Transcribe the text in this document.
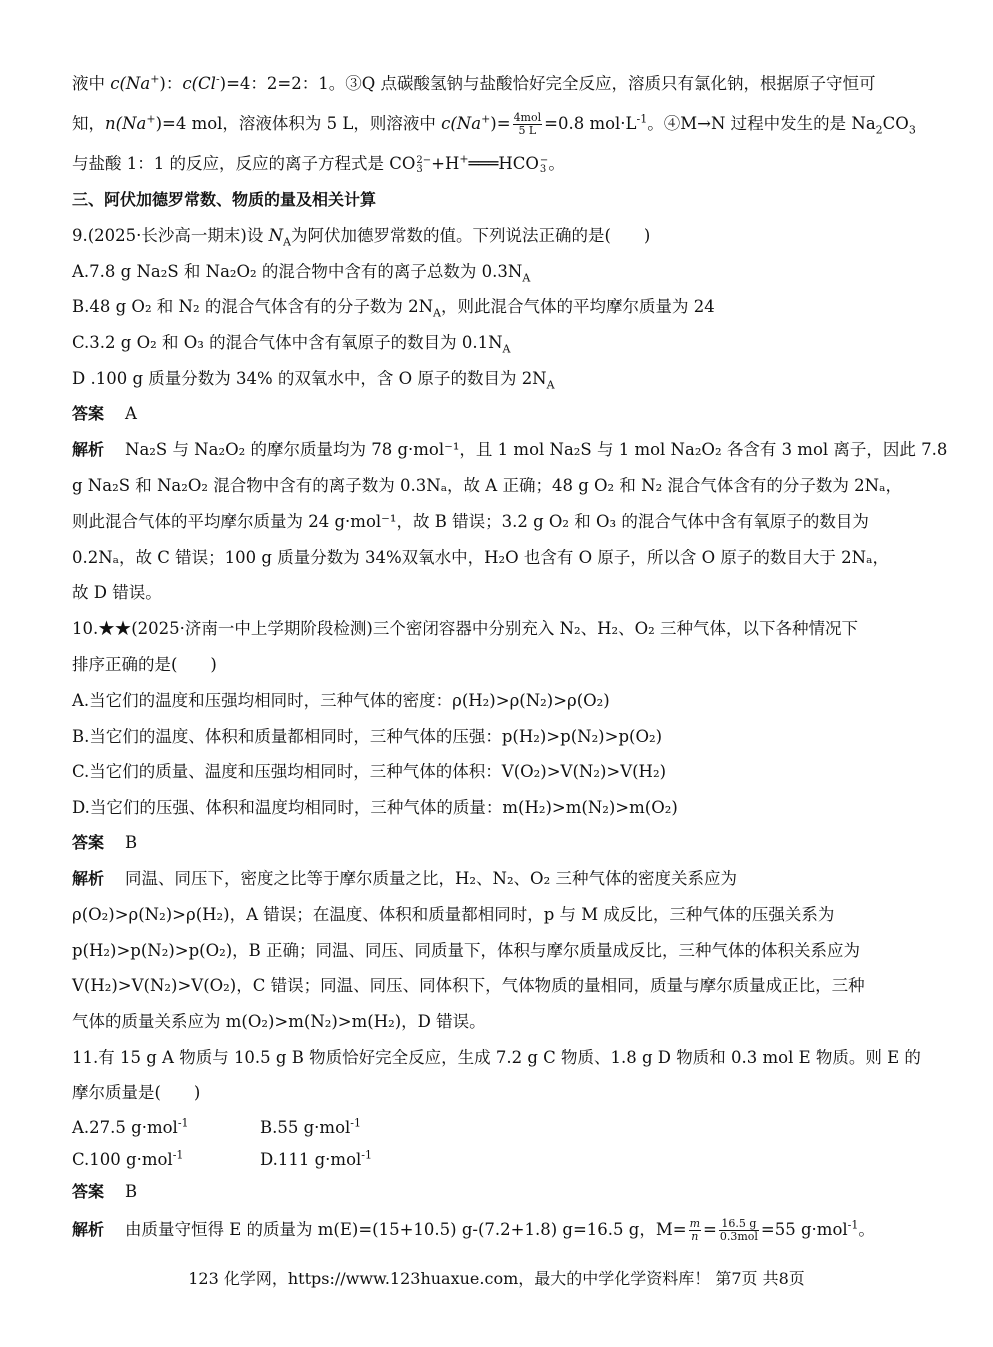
液中 c(Na+)：c(Cl-)=4：2=2：1。③Q 点碳酸氢钠与盐酸恰好完全反应，溶质只有氯化钠，根据原子守恒可
知，n(Na+)=4 mol，溶液体积为 5 L，则溶液中 $c(Na^+)= \frac{\text{4mol}}{5 L} =0.8$ $mol\cdot L^{-1}$。④M→N 过程中发生的是 $Na_2CO_3$
与盐酸 1：1 的反应，反应的离子方程式是 CO 2−
3 +H+═══HCO −
3 。
三、阿伏加德罗常数、物质的量及相关计算
9.(2025·长沙高一期末)设 $N_A$为阿伏加德罗常数的值。下列说法正确的是(　　)
A.7.8 g Na₂S 和 Na₂O₂ 的混合物中含有的离子总数为 $0.3N_A$
B.48 g O₂ 和 N₂ 的混合气体含有的分子数为 $2N_A$，则此混合气体的平均摩尔质量为 24
C.3.2 g O₂ 和 O₃ 的混合气体中含有氧原子的数目为 $0.1N_A$
D .100 g 质量分数为 34% 的双氧水中，含 O 原子的数目为 $2N_A$
答案 A
解析 Na₂S 与 Na₂O₂ 的摩尔质量均为 78 g·mol⁻¹，且 1 mol Na₂S 与 1 mol Na₂O₂ 各含有 3 mol 离子，因此 7.8
g Na₂S 和 Na₂O₂ 混合物中含有的离子数为 0.3Nₐ，故 A 正确；48 g O₂ 和 N₂ 混合气体含有的分子数为 2Nₐ，
则此混合气体的平均摩尔质量为 24 g·mol⁻¹，故 B 错误；3.2 g O₂ 和 O₃ 的混合气体中含有氧原子的数目为
0.2Nₐ，故 C 错误；100 g 质量分数为 34%双氧水中，H₂O 也含有 O 原子，所以含 O 原子的数目大于 2Nₐ，
故 D 错误。
10.★★(2025·济南一中上学期阶段检测)三个密闭容器中分别充入 N₂、H₂、O₂ 三种气体，以下各种情况下
排序正确的是(　　)
A.当它们的温度和压强均相同时，三种气体的密度：ρ(H₂)>ρ(N₂)>ρ(O₂)
B.当它们的温度、体积和质量都相同时，三种气体的压强：p(H₂)>p(N₂)>p(O₂)
C.当它们的质量、温度和压强均相同时，三种气体的体积：V(O₂)>V(N₂)>V(H₂)
D.当它们的压强、体积和温度均相同时，三种气体的质量：m(H₂)>m(N₂)>m(O₂)
答案 B
解析 同温、同压下，密度之比等于摩尔质量之比，H₂、N₂、O₂ 三种气体的密度关系应为
ρ(O₂)>ρ(N₂)>ρ(H₂)，A 错误；在温度、体积和质量都相同时，p 与 M 成反比，三种气体的压强关系为
p(H₂)>p(N₂)>p(O₂)，B 正确；同温、同压、同质量下，体积与摩尔质量成反比，三种气体的体积关系应为
V(H₂)>V(N₂)>V(O₂)，C 错误；同温、同压、同体积下，气体物质的量相同，质量与摩尔质量成正比，三种
气体的质量关系应为 m(O₂)>m(N₂)>m(H₂)，D 错误。
11.有 15 g A 物质与 10.5 g B 物质恰好完全反应，生成 7.2 g C 物质、1.8 g D 物质和 0.3 mol E 物质。则 E 的
摩尔质量是(　　)
A.27.5 g·mol$^{-1}$	B.55 g·mol$^{-1}$
C.100 g·mol$^{-1}$	D.111 g·mol$^{-1}$
答案 B
解析 由质量守恒得 E 的质量为 m(E)=(15+10.5) g-(7.2+1.8) g=16.5 g，$M= \frac{m}{n} = \frac{16.5 g}{\text{0.3mol}} =55$ g·mol$^{-1}$。
123 化学网，https://www.123huaxue.com，最大的中学化学资料库！ 第7页 共8页
